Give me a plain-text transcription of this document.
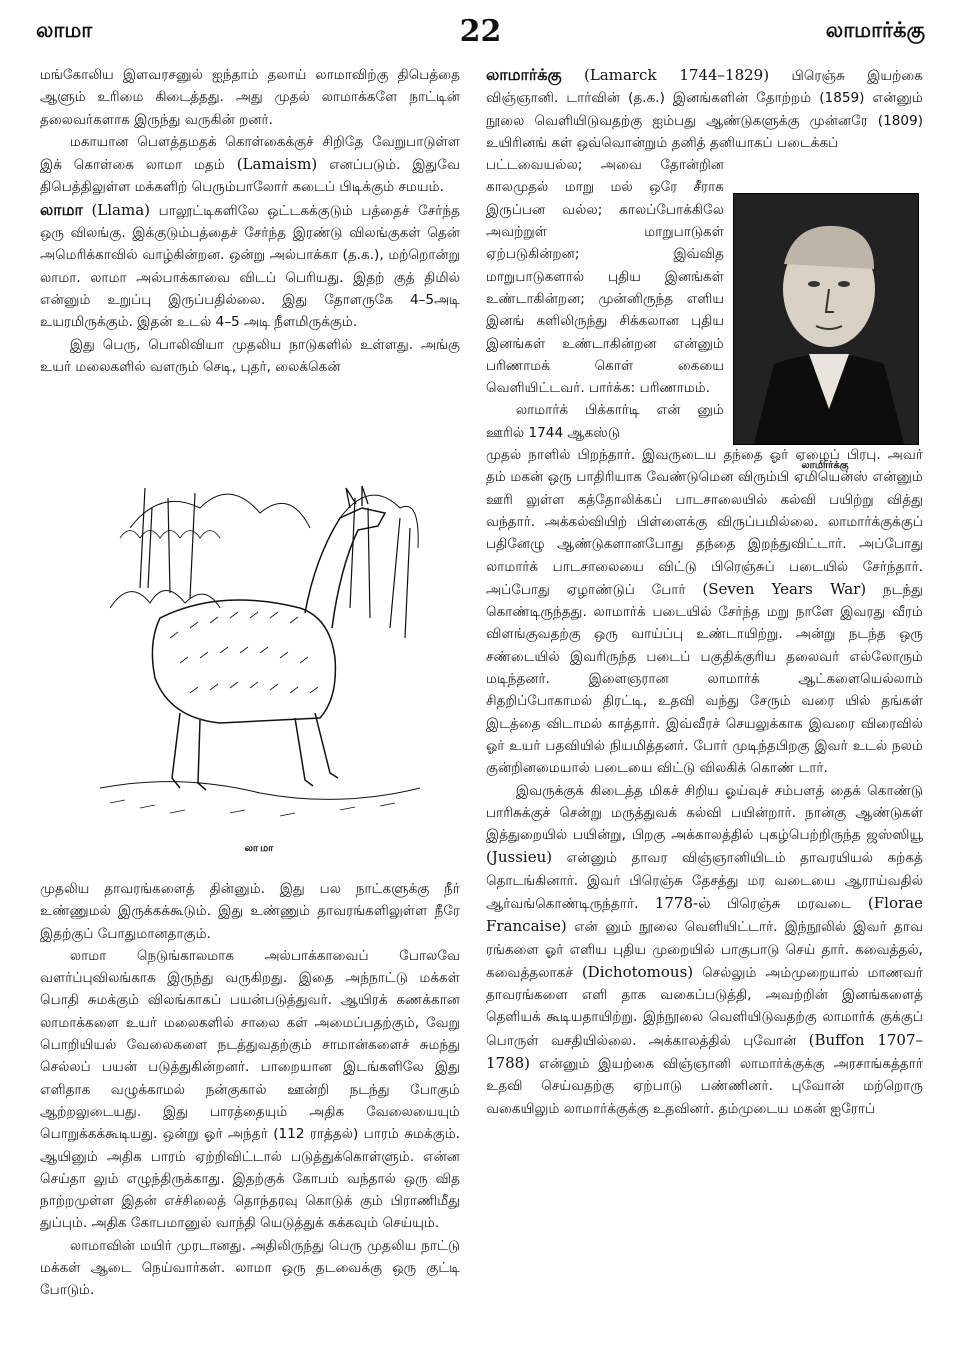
லாமா	22	லாமார்க்கு

மங்கோலிய இளவரசனுல் ஐந்தாம் தலாய் லாமாவிற்கு திபெத்தை ஆளும் உரிமை கிடைத்தது. அது முதல் லாமாக்களே நாட்டின் தலைவர்களாக இருந்து வருகின் றனர்.

மகாயான பௌத்தமதக் கொள்கைக்குச் சிறிதே வேறுபாடுள்ள இக் கொள்கை லாமா மதம் (Lamaism) எனப்படும். இதுவே திபெத்திலுள்ள மக்களிற் பெரும்பாலோர் கடைப் பிடிக்கும் சமயம்.

லாமா (Llama) பாலூட்டிகளிலே ஒட்டகக்குடும் பத்தைச் சேர்ந்த ஒரு விலங்கு. இக்குடும்பத்தைச் சேர்ந்த இரண்டு விலங்குகள் தென் அமெரிக்காவில் வாழ்கின்றன. ஒன்று அல்பாக்கா (த.க.), மற்றொன்று லாமா. லாமா அல்பாக்காவை விடப் பெரியது. இதற் குத் திமில் என்னும் உறுப்பு இருப்பதில்லை. இது தோளருகே 4–5அடி உயரமிருக்கும். இதன் உடல் 4–5 அடி நீளமிருக்கும்.

இது பெரு, பொலிவியா முதலிய நாடுகளில் உள்ளது. அங்கு உயர் மலைகளில் வளரும் செடி, புதர், லைக்கென்

லாமா

முதலிய தாவரங்களைத் தின்னும். இது பல நாட்களுக்கு நீர் உண்ணுமல் இருக்கக்கூடும். இது உண்ணும் தாவரங்களிலுள்ள நீரே இதற்குப் போதுமானதாகும்.

லாமா நெடுங்காலமாக அல்பாக்காவைப் போலவே வளர்ப்புவிலங்காக இருந்து வருகிறது. இதை அந்நாட்டு மக்கள் பொதி சுமக்கும் விலங்காகப் பயன்படுத்துவர். ஆயிரக் கணக்கான லாமாக்களை உயர் மலைகளில் சாலை கள் அமைப்பதற்கும், வேறு பொறியியல் வேலைகளை நடத்துவதற்கும் சாமான்களைச் சுமந்து செல்லப் பயன் படுத்துகின்றனர். பாறையான இடங்களிலே இது எளிதாக வழுக்காமல் நன்குகால் ஊன்றி நடந்து போகும் ஆற்றலுடையது. இது பாரத்தையும் அதிக வேலையையும் பொறுக்கக்கூடியது. ஒன்று ஓர் அந்தர் (112 ராத்தல்) பாரம் சுமக்கும். ஆயினும் அதிக பாரம் ஏற்றிவிட்டால் படுத்துக்கொள்ளும். என்ன செய்தா லும் எழுந்திருக்காது. இதற்குக் கோபம் வந்தால் ஒரு வித நாற்றமுள்ள இதன் எச்சிலைத் தொந்தரவு கொடுக் கும் பிராணிமீது துப்பும். அதிக கோபமானுல் வாந்தி யெடுத்துக் கக்கவும் செய்யும்.

லாமாவின் மயிர் முரடானது. அதிலிருந்து பெரு முதலிய நாட்டு மக்கள் ஆடை நெய்வார்கள். லாமா ஒரு தடவைக்கு ஒரு குட்டி போடும்.

லாமார்க்கு (Lamarck 1744–1829) பிரெஞ்சு இயற்கை விஞ்ஞானி. டார்வின் (த.க.) இனங்களின் தோற்றம் (1859) என்னும் நூலை வெளியிடுவதற்கு ஐம்பது ஆண்டுகளுக்கு முன்னரே (1809) உயிரினங் கள் ஒவ்வொன்றும் தனித் தனியாகப் படைக்கப்

பட்டவையல்ல; அவை தோன்றின காலமுதல் மாறு மல் ஒரே சீராக இருப்பன வல்ல; காலப்போக்கிலே அவற்றுள் மாறுபாடுகள் ஏற்படுகின்றன; இவ்வித மாறுபாடுகளால் புதிய இனங்கள் உண்டாகின்றன; முன்னிருந்த எளிய இனங் களிலிருந்து சிக்கலான புதிய இனங்கள் உண்டாகின்றன என்னும் பரிணாமக் கொள் கையை வெளியிட்டவர். பார்க்க: பரிணாமம்.

லாமார்க் பிக்கார்டி என் னும் ஊரில் 1744 ஆகஸ்டு

முதல் நாளில் பிறந்தார். இவருடைய தந்தை ஓர் ஏழைப் பிரபு. அவர் தம் மகன் ஒரு பாதிரியாக வேண்டுமென விரும்பி ஏமியென்ஸ் என்னும் ஊரி லுள்ள கத்தோலிக்கப் பாடசாலையில் கல்வி பயிற்று வித்து வந்தார். அக்கல்வியிற் பிள்ளைக்கு விருப்பமில்லை. லாமார்க்குக்குப் பதினேழு ஆண்டுகளானபோது தந்தை இறந்துவிட்டார். அப்போது லாமார்க் பாடசாலையை விட்டு பிரெஞ்சுப் படையில் சேர்ந்தார். அப்போது ஏழாண்டுப் போர் (Seven Years War) நடந்து கொண்டிருந்தது. லாமார்க் படையில் சேர்ந்த மறு நாளே இவரது வீரம் விளங்குவதற்கு ஒரு வாய்ப்பு உண்டாயிற்று. அன்று நடந்த ஒரு சண்டையில் இவரிருந்த படைப் பகுதிக்குரிய தலைவர் எல்லோரும் மடிந்தனர். இளைஞரான லாமார்க் ஆட்களையெல்லாம் சிதறிப்போகாமல் திரட்டி, உதவி வந்து சேரும் வரை யில் தங்கள் இடத்தை விடாமல் காத்தார். இவ்வீரச் செயலுக்காக இவரை விரைவில் ஓர் உயர் பதவியில் நியமித்தனர். போர் முடிந்தபிறகு இவர் உடல் நலம் குன்றினமையால் படையை விட்டு விலகிக் கொண் டார்.

இவருக்குக் கிடைத்த மிகச் சிறிய ஓய்வுச் சம்பளத் தைக் கொண்டு பாரிசுக்குச் சென்று மருத்துவக் கல்வி பயின்றார். நான்கு ஆண்டுகள் இத்துறையில் பயின்று, பிறகு அக்காலத்தில் புகழ்பெற்றிருந்த ஜஸ்ஸியூ (Jussieu) என்னும் தாவர விஞ்ஞானியிடம் தாவரயியல் கற்கத் தொடங்கினார். இவர் பிரெஞ்சு தேசத்து மர வடையை ஆராய்வதில் ஆர்வங்கொண்டிருந்தார். 1778-ல் பிரெஞ்சு மரவடை (Florae Francaise) என் னும் நூலை வெளியிட்டார். இந்நூலில் இவர் தாவ ரங்களை ஓர் எளிய புதிய முறையில் பாகுபாடு செய் தார். கவைத்தல், கவைத்தலாகச் (Dichotomous) செல்லும் அம்முறையால் மாணவர் தாவரங்களை எளி தாக வகைப்படுத்தி, அவற்றின் இனங்களைத் தெளியக் கூடியதாயிற்று. இந்நூலை வெளியிடுவதற்கு லாமார்க் குக்குப் பொருள் வசதியில்லை. அக்காலத்தில் புவோன் (Buffon 1707–1788) என்னும் இயற்கை விஞ்ஞானி லாமார்க்குக்கு அரசாங்கத்தார் உதவி செய்வதற்கு ஏற்பாடு பண்ணினர். புவோன் மற்றொரு வகையிலும் லாமார்க்குக்கு உதவினர். தம்முடைய மகன் ஐரோப்

லாமார்க்கு
